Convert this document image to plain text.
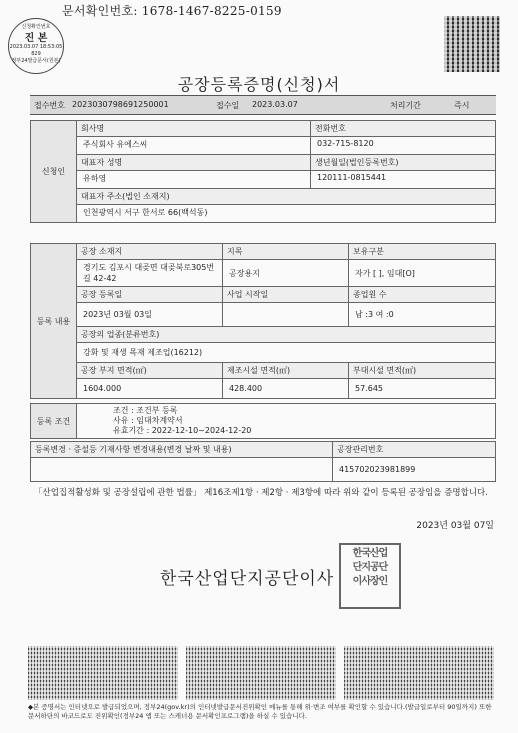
문서확인번호: 1678-1467-8225-0159
신청확인번호
진 본
2023.03.07 18:53:05
829
정부24발급문서(원본)
공장등록증명(신청)서
접수번호 2023030798691250001	접수일 2023.03.07	처리기간	즉시
신청인	회사명	전화번호
	주식회사 유에스씨	032-715-8120
	대표자 성명	생년월일(법인등록번호)
	유하영	120111-0815441
	대표자 주소(법인 소재지)	
	인천광역시 서구 한서로 66(백석동)	
등록 내용	공장 소재지	지목	보유구분
	경기도 김포시 대곶면 대곶북로305번길 42-42	공장용지	자가 [ ], 임대[O]
	공장 등록일	사업 시작일	종업원 수
	2023년 03월 03일		남 :3 여 :0
	공장의 업종(분류번호)		
	강화 및 재생 목재 제조업(16212)		
	공장 부지 면적(㎡)	제조시설 면적(㎡)	부대시설 면적(㎡)
	1604.000	428.400	57.645
등록 조건	
조건 : 조건부 등록
사유 : 임대차계약서
유효기간 : 2022-12-10~2024-12-20
등록변경 · 증설등 기재사항 변경내용(변경 날짜 및 내용)	공장관리번호
	415702023981899
「산업집적활성화 및 공장설립에 관한 법률」 제16조제1항 · 제2항 · 제3항에 따라 위와 같이 등록된 공장임을 증명합니다.
2023년 03월 07일
한국산업단지공단이사
한국산업
단지공단
이사장인
◆본 증명서는 인터넷으로 발급되었으며, 정부24(gov.kr)의 인터넷발급문서진위확인 메뉴를 통해 위·변조 여부를 확인할 수 있습니다.(발급일로부터 90일까지) 또한 문서하단의 바코드로도 진위확인(정부24 앱 또는 스캐너용 문서확인프로그램)을 하실 수 있습니다.
